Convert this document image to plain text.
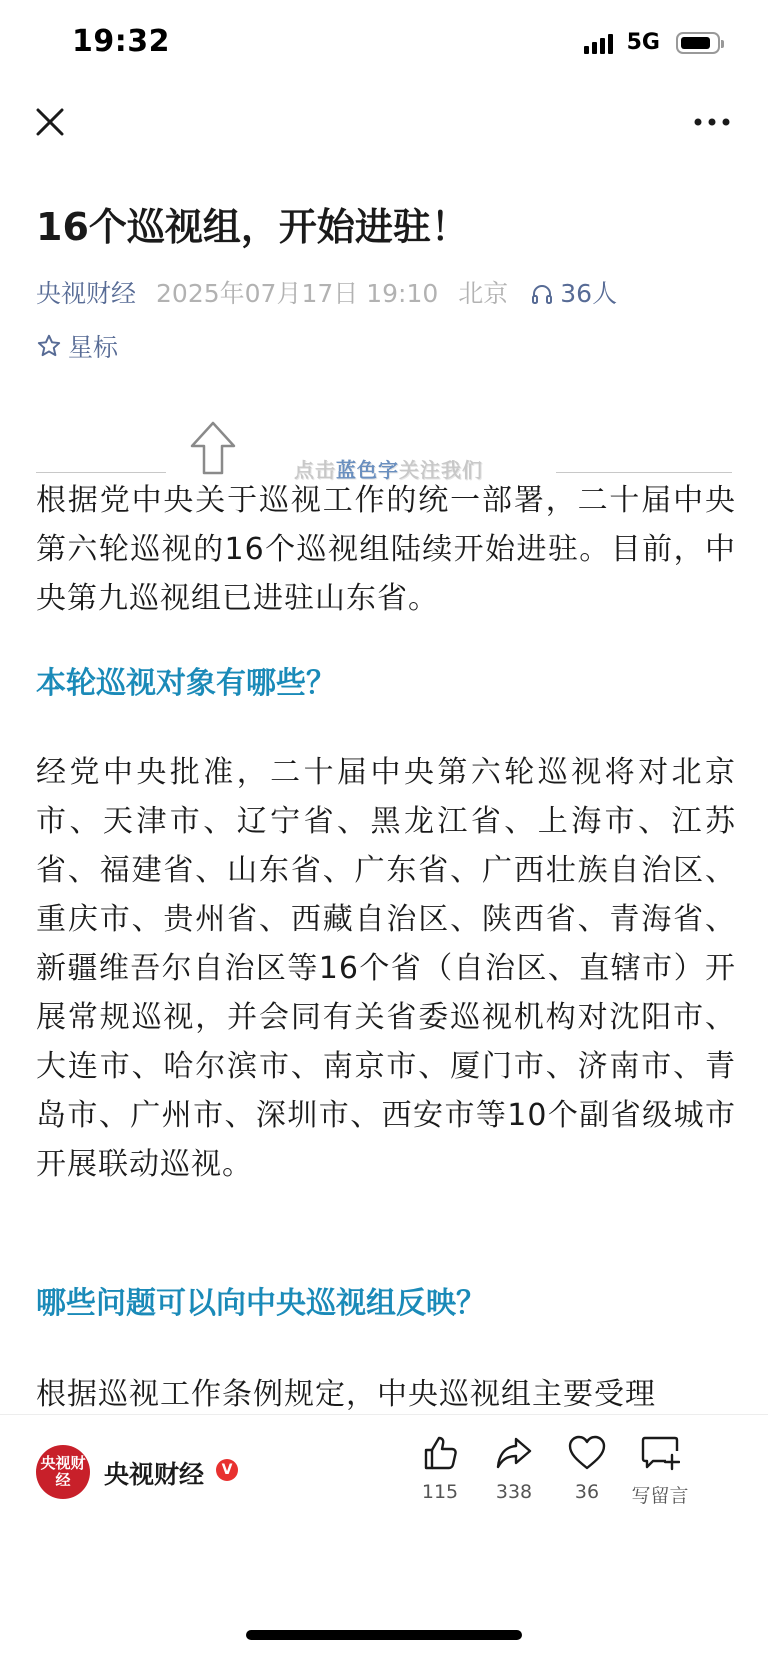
19:32	5G
16个巡视组，开始进驻！
央视财经 2025年07月17日 19:10 北京 36人
星标
点击蓝色字关注我们

根据党中央关于巡视工作的统一部署，二十届中央第六轮巡视的16个巡视组陆续开始进驻。目前，中央第九巡视组已进驻山东省。

本轮巡视对象有哪些？

经党中央批准，二十届中央第六轮巡视将对北京市、天津市、辽宁省、黑龙江省、上海市、江苏省、福建省、山东省、广东省、广西壮族自治区、重庆市、贵州省、西藏自治区、陕西省、青海省、新疆维吾尔自治区等16个省（自治区、直辖市）开展常规巡视，并会同有关省委巡视机构对沈阳市、大连市、哈尔滨市、南京市、厦门市、济南市、青岛市、广州市、深圳市、西安市等10个副省级城市开展联动巡视。

哪些问题可以向中央巡视组反映？

根据巡视工作条例规定，中央巡视组主要受理

央视财经	央视财经	V
115	338	36	写留言
